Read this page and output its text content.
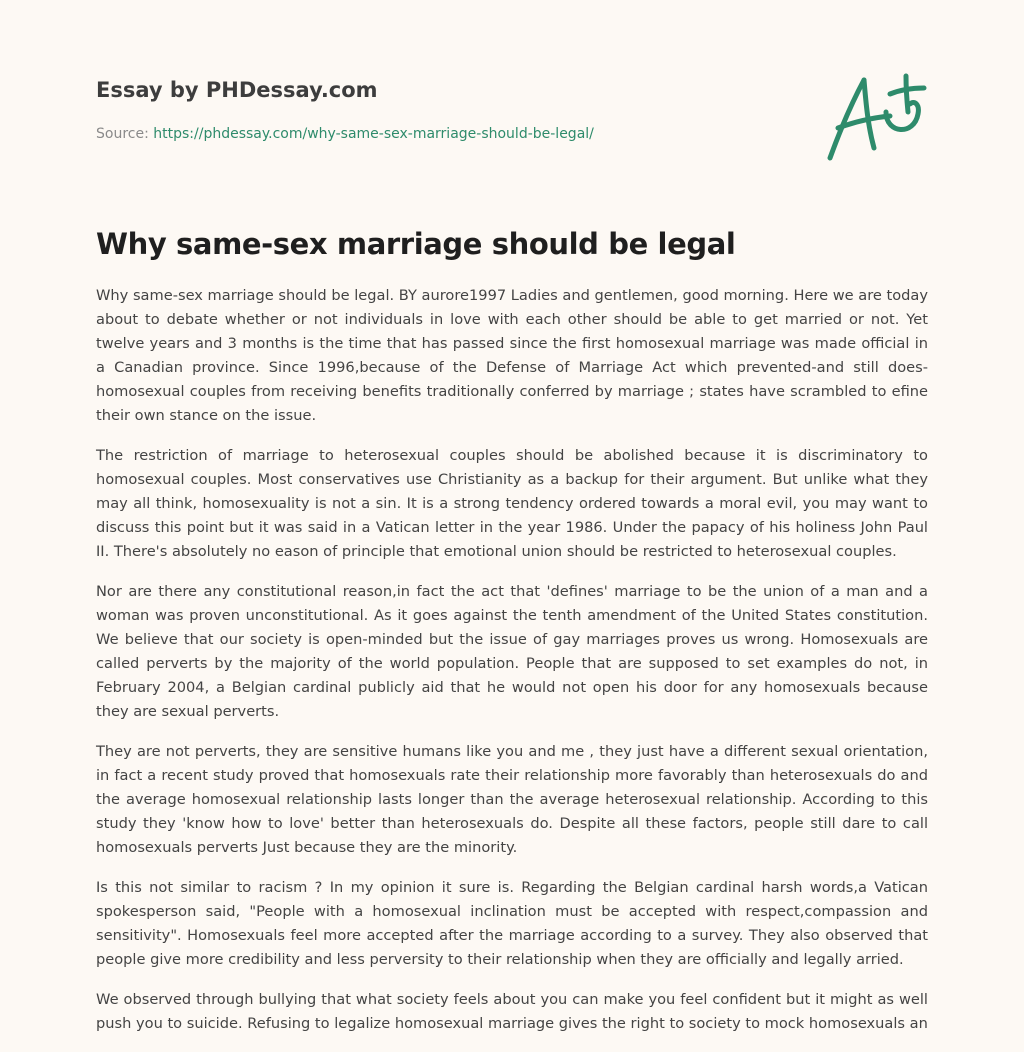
Essay by PHDessay.com
Source: https://phdessay.com/why-same-sex-marriage-should-be-legal/
Why same-sex marriage should be legal

Why same-sex marriage should be legal. BY aurore1997 Ladies and gentlemen, good morning. Here we are today about to debate whether or not individuals in love with each other should be able to get married or not. Yet twelve years and 3 months is the time that has passed since the first homosexual marriage was made official in a Canadian province. Since 1996,because of the Defense of Marriage Act which prevented-and still does-homosexual couples from receiving benefits traditionally conferred by marriage ; states have scrambled to efine their own stance on the issue.

The restriction of marriage to heterosexual couples should be abolished because it is discriminatory to homosexual couples. Most conservatives use Christianity as a backup for their argument. But unlike what they may all think, homosexuality is not a sin. It is a strong tendency ordered towards a moral evil, you may want to discuss this point but it was said in a Vatican letter in the year 1986. Under the papacy of his holiness John Paul II. There's absolutely no eason of principle that emotional union should be restricted to heterosexual couples.

Nor are there any constitutional reason,in fact the act that 'defines' marriage to be the union of a man and a woman was proven unconstitutional. As it goes against the tenth amendment of the United States constitution. We believe that our society is open-minded but the issue of gay marriages proves us wrong. Homosexuals are called perverts by the majority of the world population. People that are supposed to set examples do not, in February 2004, a Belgian cardinal publicly aid that he would not open his door for any homosexuals because they are sexual perverts.

They are not perverts, they are sensitive humans like you and me , they just have a different sexual orientation, in fact a recent study proved that homosexuals rate their relationship more favorably than heterosexuals do and the average homosexual relationship lasts longer than the average heterosexual relationship. According to this study they 'know how to love' better than heterosexuals do. Despite all these factors, people still dare to call homosexuals perverts Just because they are the minority.

Is this not similar to racism ? In my opinion it sure is. Regarding the Belgian cardinal harsh words,a Vatican spokesperson said, "People with a homosexual inclination must be accepted with respect,compassion and sensitivity". Homosexuals feel more accepted after the marriage according to a survey. They also observed that people give more credibility and less perversity to their relationship when they are officially and legally arried.

We observed through bullying that what society feels about you can make you feel confident but it might as well push you to suicide. Refusing to legalize homosexual marriage gives the right to society to mock homosexuals an
